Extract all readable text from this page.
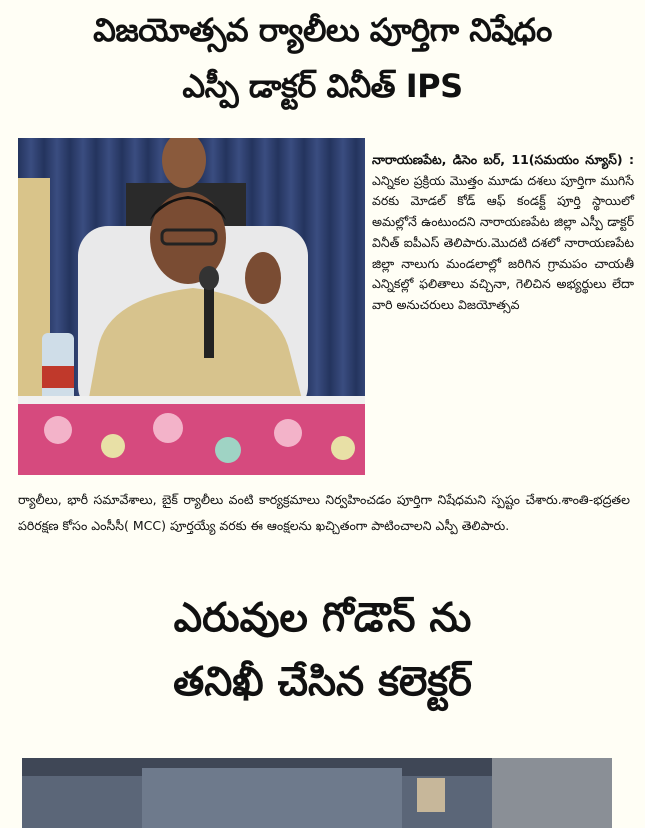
విజయోత్సవ ర్యాలీలు పూర్తిగా నిషేధం
ఎస్పీ డాక్టర్ వినీత్ IPS
నారాయణపేట, డిసెం బర్, 11(సమయం న్యూస్) : ఎన్నికల ప్రక్రియ మొత్తం మూడు దశలు పూర్తిగా ముగిసే వరకు మోడల్ కోడ్ ఆఫ్ కండక్ట్ పూర్తి స్థాయిలో అమల్లోనే ఉంటుందని నారాయణపేట జిల్లా ఎస్పీ డాక్టర్ వినీత్ ఐపీఎస్ తెలిపారు.మొదటి దశలో నారాయణపేట జిల్లా నాలుగు మండలాల్లో జరిగిన గ్రామపం చాయతీ ఎన్నికల్లో ఫలితాలు వచ్చినా, గెలిచిన అభ్యర్థులు లేదా వారి అనుచరులు విజయోత్సవ
ర్యాలీలు, భారీ సమావేశాలు, బైక్ ర్యాలీలు వంటి కార్యక్రమాలు నిర్వహించడం పూర్తిగా నిషేధమని స్పష్టం చేశారు.శాంతి-భద్రతల పరిరక్షణ కోసం ఎంసీసీ( MCC) పూర్తయ్యే వరకు ఈ ఆంక్షలను ఖచ్చితంగా పాటించాలని ఎస్పీ తెలిపారు.
ఎరువుల గోడౌన్ ను
తనిఖీ చేసిన కలెక్టర్
